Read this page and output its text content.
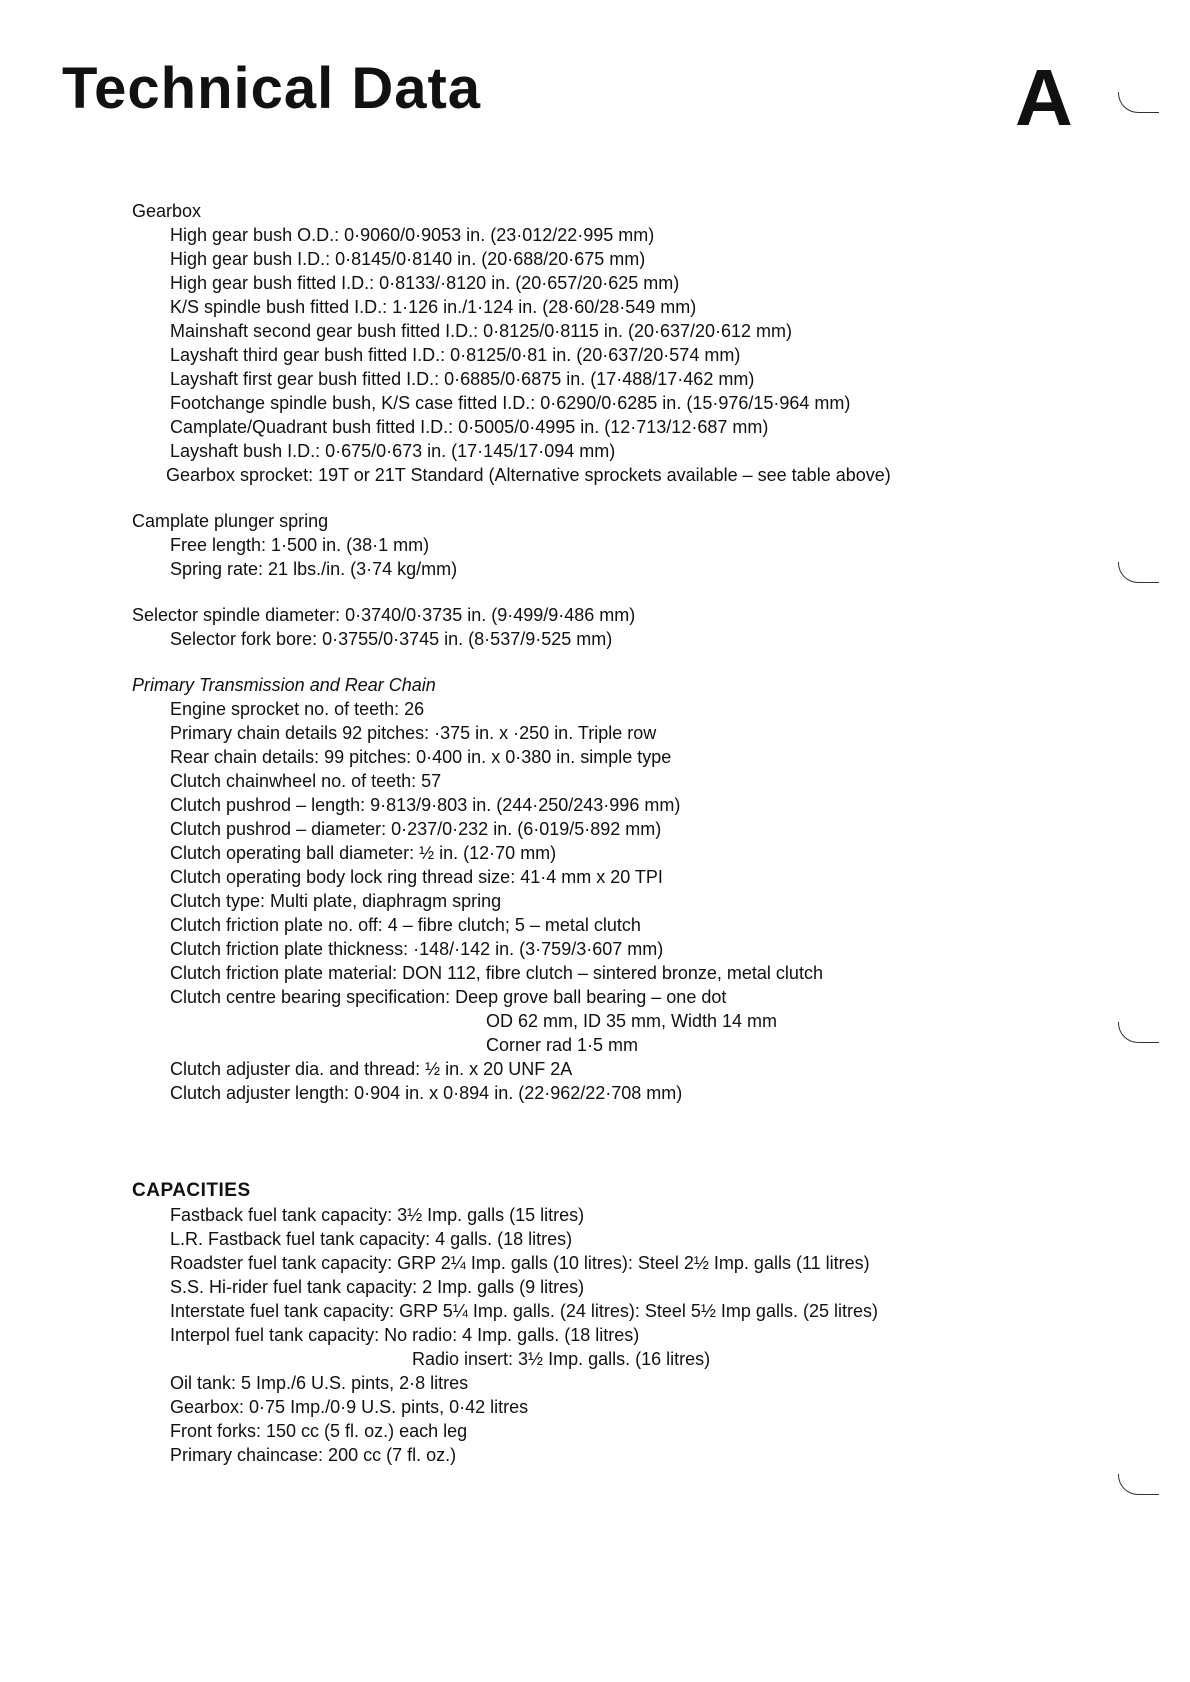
Technical Data	A
Gearbox
High gear bush O.D.: 0·9060/0·9053 in. (23·012/22·995 mm)
High gear bush I.D.: 0·8145/0·8140 in. (20·688/20·675 mm)
High gear bush fitted I.D.: 0·8133/·8120 in. (20·657/20·625 mm)
K/S spindle bush fitted I.D.: 1·126 in./1·124 in. (28·60/28·549 mm)
Mainshaft second gear bush fitted I.D.: 0·8125/0·8115 in. (20·637/20·612 mm)
Layshaft third gear bush fitted I.D.: 0·8125/0·81 in. (20·637/20·574 mm)
Layshaft first gear bush fitted I.D.: 0·6885/0·6875 in. (17·488/17·462 mm)
Footchange spindle bush, K/S case fitted I.D.: 0·6290/0·6285 in. (15·976/15·964 mm)
Camplate/Quadrant bush fitted I.D.: 0·5005/0·4995 in. (12·713/12·687 mm)
Layshaft bush I.D.: 0·675/0·673 in. (17·145/17·094 mm)
Gearbox sprocket: 19T or 21T Standard (Alternative sprockets available – see table above)
Camplate plunger spring
Free length: 1·500 in. (38·1 mm)
Spring rate: 21 lbs./in. (3·74 kg/mm)
Selector spindle diameter: 0·3740/0·3735 in. (9·499/9·486 mm)
Selector fork bore: 0·3755/0·3745 in. (8·537/9·525 mm)
Primary Transmission and Rear Chain
Engine sprocket no. of teeth: 26
Primary chain details 92 pitches: ·375 in. x ·250 in. Triple row
Rear chain details: 99 pitches: 0·400 in. x 0·380 in. simple type
Clutch chainwheel no. of teeth: 57
Clutch pushrod – length: 9·813/9·803 in. (244·250/243·996 mm)
Clutch pushrod – diameter: 0·237/0·232 in. (6·019/5·892 mm)
Clutch operating ball diameter: ½ in. (12·70 mm)
Clutch operating body lock ring thread size: 41·4 mm x 20 TPI
Clutch type: Multi plate, diaphragm spring
Clutch friction plate no. off: 4 – fibre clutch; 5 – metal clutch
Clutch friction plate thickness: ·148/·142 in. (3·759/3·607 mm)
Clutch friction plate material: DON 112, fibre clutch – sintered bronze, metal clutch
Clutch centre bearing specification: Deep grove ball bearing – one dot
OD 62 mm, ID 35 mm, Width 14 mm
Corner rad 1·5 mm
Clutch adjuster dia. and thread: ½ in. x 20 UNF 2A
Clutch adjuster length: 0·904 in. x 0·894 in. (22·962/22·708 mm)
CAPACITIES
Fastback fuel tank capacity: 3½ Imp. galls (15 litres)
L.R. Fastback fuel tank capacity: 4 galls. (18 litres)
Roadster fuel tank capacity: GRP 2¼ Imp. galls (10 litres): Steel 2½ Imp. galls (11 litres)
S.S. Hi-rider fuel tank capacity: 2 Imp. galls (9 litres)
Interstate fuel tank capacity: GRP 5¼ Imp. galls. (24 litres): Steel 5½ Imp galls. (25 litres)
Interpol fuel tank capacity: No radio: 4 Imp. galls. (18 litres)
Radio insert: 3½ Imp. galls. (16 litres)
Oil tank: 5 Imp./6 U.S. pints, 2·8 litres
Gearbox: 0·75 Imp./0·9 U.S. pints, 0·42 litres
Front forks: 150 cc (5 fl. oz.) each leg
Primary chaincase: 200 cc (7 fl. oz.)
